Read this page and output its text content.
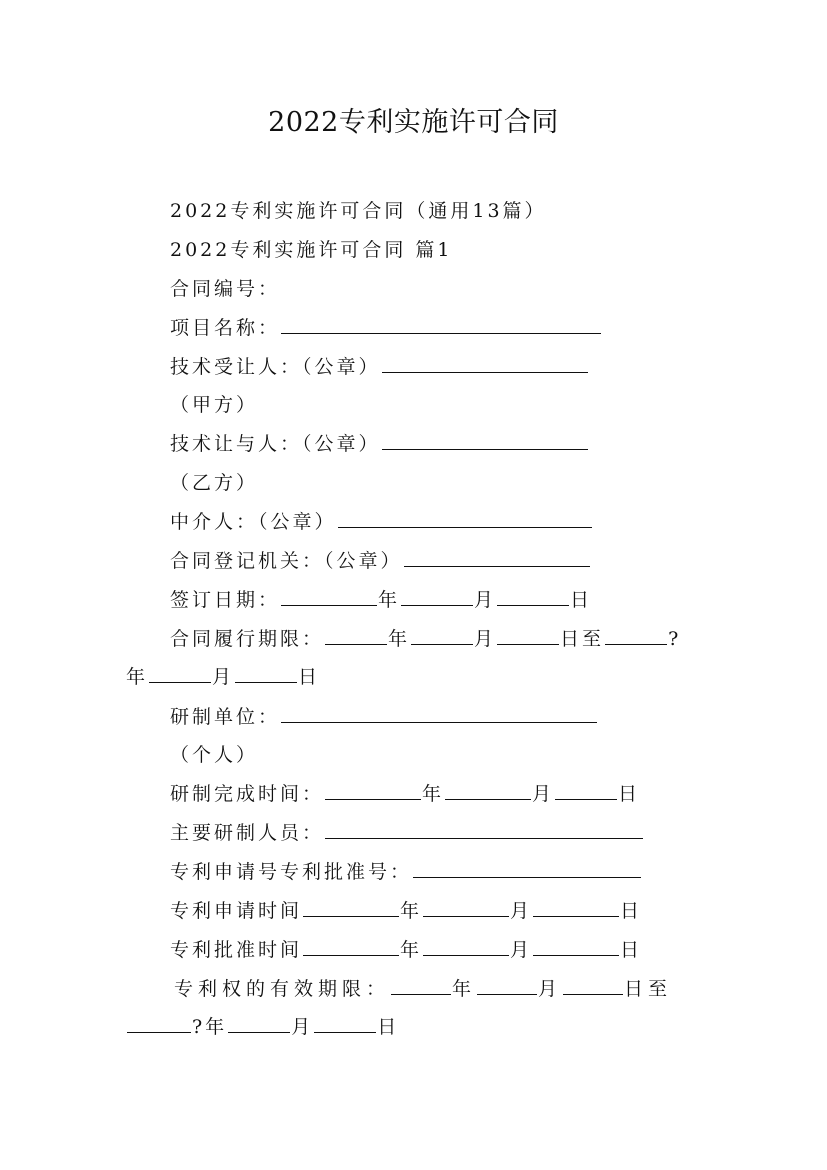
2022专利实施许可合同
2022专利实施许可合同（通用13篇）
2022专利实施许可合同 篇1
合同编号：
项目名称：
技术受让人：（公章）
（甲方）
技术让与人：（公章）
（乙方）
中介人：（公章）
合同登记机关：（公章）
签订日期：	年	月	日
合同履行期限：	年	月	日至	?
年	月	日
研制单位：
（个人）
研制完成时间：	年	月	日
主要研制人员：
专利申请号专利批准号：
专利申请时间	年	月	日
专利批准时间	年	月	日
专利权的有效期限：	年	月	日至
?年	月	日
